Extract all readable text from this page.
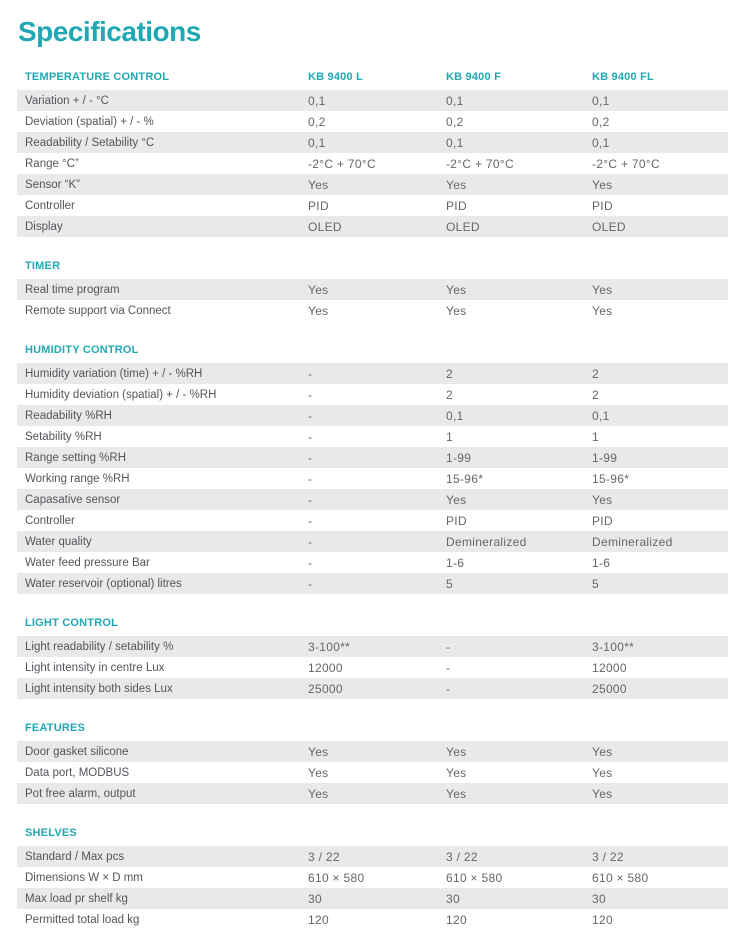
Specifications
TEMPERATURE CONTROL	KB 9400 L	KB 9400 F	KB 9400 FL
Variation + / - °C	0,1	0,1	0,1
Deviation (spatial) + / - %	0,2	0,2	0,2
Readability / Setability °C	0,1	0,1	0,1
Range °C”	-2°C + 70°C	-2°C + 70°C	-2°C + 70°C
Sensor “K”	Yes	Yes	Yes
Controller	PID	PID	PID
Display	OLED	OLED	OLED
TIMER
Real time program	Yes	Yes	Yes
Remote support via Connect	Yes	Yes	Yes
HUMIDITY CONTROL
Humidity variation (time) + / - %RH	-	2	2
Humidity deviation (spatial) + / - %RH	-	2	2
Readability %RH	-	0,1	0,1
Setability %RH	-	1	1
Range setting %RH	-	1-99	1-99
Working range %RH	-	15-96*	15-96*
Capasative sensor	-	Yes	Yes
Controller	-	PID	PID
Water quality	-	Demineralized	Demineralized
Water feed pressure Bar	-	1-6	1-6
Water reservoir (optional) litres	-	5	5
LIGHT CONTROL
Light readability / setability %	3-100**	-	3-100**
Light intensity in centre Lux	12000	-	12000
Light intensity both sides Lux	25000	-	25000
FEATURES
Door gasket silicone	Yes	Yes	Yes
Data port, MODBUS	Yes	Yes	Yes
Pot free alarm, output	Yes	Yes	Yes
SHELVES
Standard / Max pcs	3 / 22	3 / 22	3 / 22
Dimensions W × D mm	610 × 580	610 × 580	610 × 580
Max load pr shelf kg	30	30	30
Permitted total load kg	120	120	120
